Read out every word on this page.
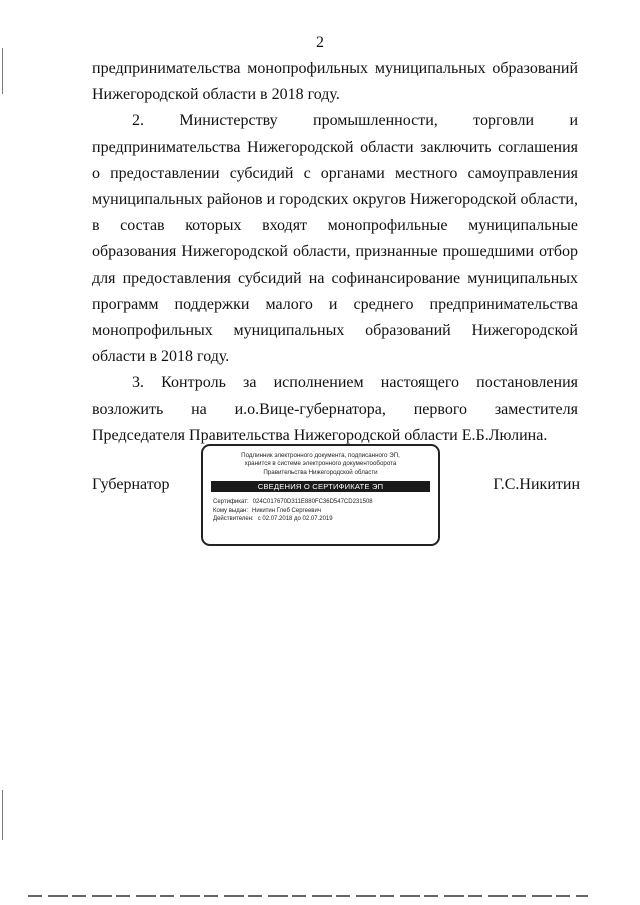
2

предпринимательства монопрофильных муниципальных образований Нижегородской области в 2018 году.

2. Министерству промышленности, торговли и предпринимательства Нижегородской области заключить соглашения о предоставлении субсидий с органами местного самоуправления муниципальных районов и городских округов Нижегородской области, в состав которых входят монопрофильные муниципальные образования Нижегородской области, признанные прошедшими отбор для предоставления субсидий на софинансирование муниципальных программ поддержки малого и среднего предпринимательства монопрофильных муниципальных образований Нижегородской области в 2018 году.

3. Контроль за исполнением настоящего постановления возложить на и.о.Вице-губернатора, первого заместителя Председателя Правительства Нижегородской области Е.Б.Люлина.

Губернатор
Подлинник электронного документа, подписанного ЭП,
хранится в системе электронного документооборота
Правительства Нижегородской области
СВЕДЕНИЯ О СЕРТИФИКАТЕ ЭП
Сертификат: 024C017670D311E880FC36D547CD231508
Кому выдан: Никитин Глеб Сергеевич
Действителен: с 02.07.2018 до 02.07.2019
Г.С.Никитин
